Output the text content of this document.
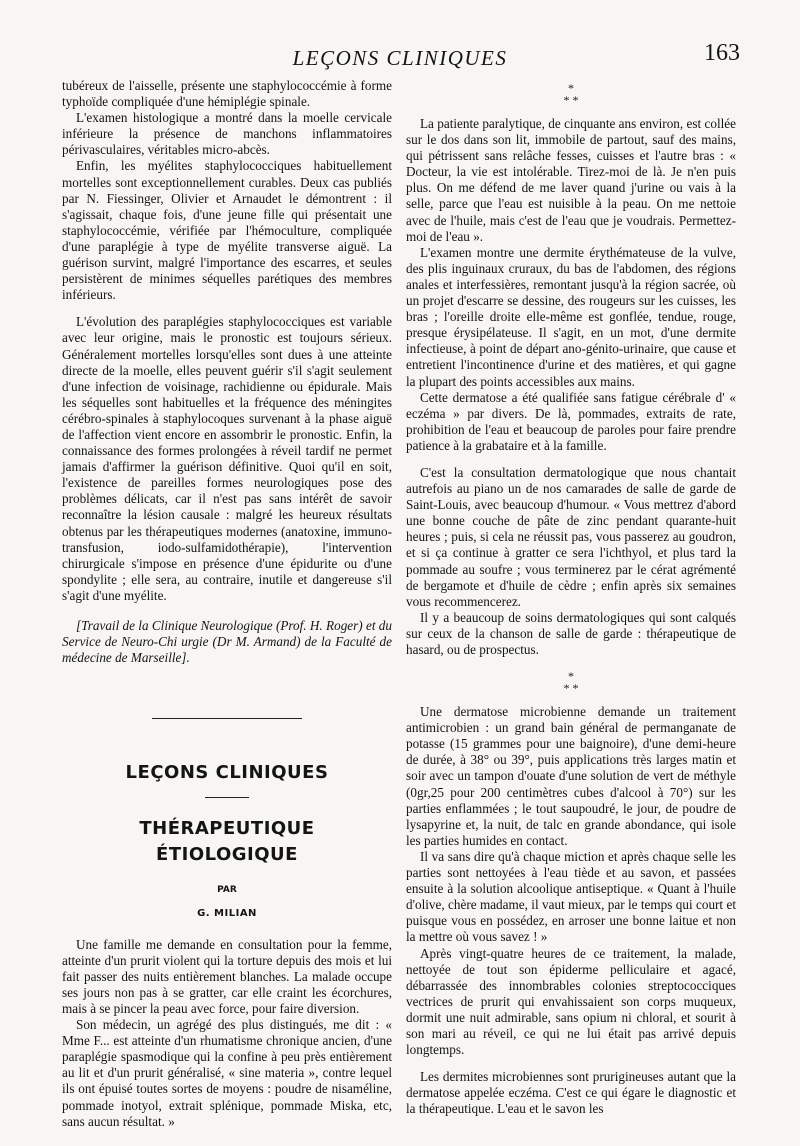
LEÇONS CLINIQUES	163

tubéreux de l'aisselle, présente une staphylococcémie à forme typhoïde compliquée d'une hémiplégie spinale.

L'examen histologique a montré dans la moelle cervicale inférieure la présence de manchons inflammatoires périvasculaires, véritables micro-abcès.

Enfin, les myélites staphylococciques habituellement mortelles sont exceptionnellement curables. Deux cas publiés par N. Fiessinger, Olivier et Arnaudet le démontrent : il s'agissait, chaque fois, d'une jeune fille qui présentait une staphylococcémie, vérifiée par l'hémoculture, compliquée d'une paraplégie à type de myélite transverse aiguë. La guérison survint, malgré l'importance des escarres, et seules persistèrent de minimes séquelles parétiques des membres inférieurs.

L'évolution des paraplégies staphylococciques est variable avec leur origine, mais le pronostic est toujours sérieux. Généralement mortelles lorsqu'elles sont dues à une atteinte directe de la moelle, elles peuvent guérir s'il s'agit seulement d'une infection de voisinage, rachidienne ou épidurale. Mais les séquelles sont habituelles et la fréquence des méningites cérébro-spinales à staphylocoques survenant à la phase aiguë de l'affection vient encore en assombrir le pronostic. Enfin, la connaissance des formes prolongées à réveil tardif ne permet jamais d'affirmer la guérison définitive. Quoi qu'il en soit, l'existence de pareilles formes neurologiques pose des problèmes délicats, car il n'est pas sans intérêt de savoir reconnaître la lésion causale : malgré les heureux résultats obtenus par les thérapeutiques modernes (anatoxine, immuno-transfusion, iodo-sulfamidothérapie), l'intervention chirurgicale s'impose en présence d'une épidurite ou d'une spondylite ; elle sera, au contraire, inutile et dangereuse s'il s'agit d'une myélite.

[Travail de la Clinique Neurologique (Prof. H. Roger) et du Service de Neuro-Chi urgie (Dr M. Armand) de la Faculté de médecine de Marseille].

LEÇONS CLINIQUES
THÉRAPEUTIQUE
ÉTIOLOGIQUE
PAR
G. MILIAN

Une famille me demande en consultation pour la femme, atteinte d'un prurit violent qui la torture depuis des mois et lui fait passer des nuits entièrement blanches. La malade occupe ses jours non pas à se gratter, car elle craint les écorchures, mais à se pincer la peau avec force, pour faire diversion.

Son médecin, un agrégé des plus distingués, me dit : « Mme F... est atteinte d'un rhumatisme chronique ancien, d'une paraplégie spasmodique qui la confine à peu près entièrement au lit et d'un prurit généralisé, « sine materia », contre lequel ils ont épuisé toutes sortes de moyens : poudre de nisaméline, pommade inotyol, extrait splénique, pommade Miska, etc, sans aucun résultat. »

*
* *

La patiente paralytique, de cinquante ans environ, est collée sur le dos dans son lit, immobile de partout, sauf des mains, qui pétrissent sans relâche fesses, cuisses et l'autre bras : « Docteur, la vie est intolérable. Tirez-moi de là. Je n'en puis plus. On me défend de me laver quand j'urine ou vais à la selle, parce que l'eau est nuisible à la peau. On me nettoie avec de l'huile, mais c'est de l'eau que je voudrais. Permettez-moi de l'eau ».

L'examen montre une dermite érythémateuse de la vulve, des plis inguinaux cruraux, du bas de l'abdomen, des régions anales et interfessières, remontant jusqu'à la région sacrée, où un projet d'escarre se dessine, des rougeurs sur les cuisses, les bras ; l'oreille droite elle-même est gonflée, tendue, rouge, presque érysipélateuse. Il s'agit, en un mot, d'une dermite infectieuse, à point de départ ano-génito-urinaire, que cause et entretient l'incontinence d'urine et des matières, et qui gagne la plupart des points accessibles aux mains.

Cette dermatose a été qualifiée sans fatigue cérébrale d' « eczéma » par divers. De là, pommades, extraits de rate, prohibition de l'eau et beaucoup de paroles pour faire prendre patience à la grabataire et à la famille.

C'est la consultation dermatologique que nous chantait autrefois au piano un de nos camarades de salle de garde de Saint-Louis, avec beaucoup d'humour. « Vous mettrez d'abord une bonne couche de pâte de zinc pendant quarante-huit heures ; puis, si cela ne réussit pas, vous passerez au goudron, et si ça continue à gratter ce sera l'ichthyol, et plus tard la pommade au soufre ; vous terminerez par le cérat agrémenté de bergamote et d'huile de cèdre ; enfin après six semaines vous recommencerez.

Il y a beaucoup de soins dermatologiques qui sont calqués sur ceux de la chanson de salle de garde : thérapeutique de hasard, ou de prospectus.

*
* *

Une dermatose microbienne demande un traitement antimicrobien : un grand bain général de permanganate de potasse (15 grammes pour une baignoire), d'une demi-heure de durée, à 38° ou 39°, puis applications très larges matin et soir avec un tampon d'ouate d'une solution de vert de méthyle (0gr,25 pour 200 centimètres cubes d'alcool à 70°) sur les parties enflammées ; le tout saupoudré, le jour, de poudre de lysapyrine et, la nuit, de talc en grande abondance, qui isole les parties humides en contact.

Il va sans dire qu'à chaque miction et après chaque selle les parties sont nettoyées à l'eau tiède et au savon, et passées ensuite à la solution alcoolique antiseptique. « Quant à l'huile d'olive, chère madame, il vaut mieux, par le temps qui court et puisque vous en possédez, en arroser une bonne laitue et non la mettre où vous savez ! »

Après vingt-quatre heures de ce traitement, la malade, nettoyée de tout son épiderme pelliculaire et agacé, débarrassée des innombrables colonies streptococciques vectrices de prurit qui envahissaient son corps muqueux, dormit une nuit admirable, sans opium ni chloral, et sourit à son mari au réveil, ce qui ne lui était pas arrivé depuis longtemps.

Les dermites microbiennes sont prurigineuses autant que la dermatose appelée eczéma. C'est ce qui égare le diagnostic et la thérapeutique. L'eau et le savon les
